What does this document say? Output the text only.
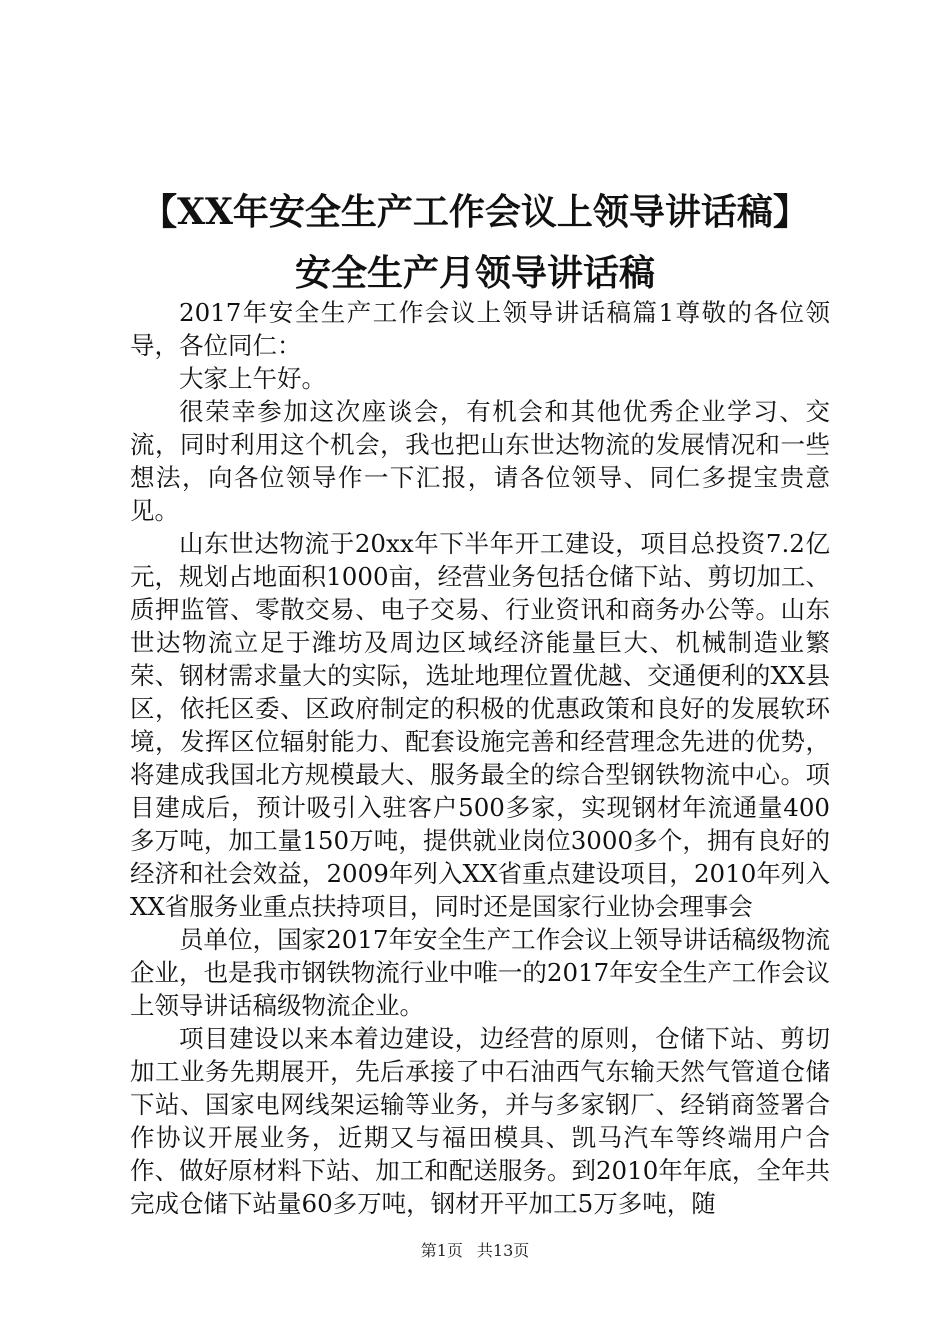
【XX年安全生产工作会议上领导讲话稿】安全生产月领导讲话稿

2017年安全生产工作会议上领导讲话稿篇1尊敬的各位领导，各位同仁：

大家上午好。

很荣幸参加这次座谈会，有机会和其他优秀企业学习、交流，同时利用这个机会，我也把山东世达物流的发展情况和一些想法，向各位领导作一下汇报，请各位领导、同仁多提宝贵意见。

山东世达物流于20xx年下半年开工建设，项目总投资7.2亿元，规划占地面积1000亩，经营业务包括仓储下站、剪切加工、质押监管、零散交易、电子交易、行业资讯和商务办公等。山东世达物流立足于潍坊及周边区域经济能量巨大、机械制造业繁荣、钢材需求量大的实际，选址地理位置优越、交通便利的XX县区，依托区委、区政府制定的积极的优惠政策和良好的发展软环境，发挥区位辐射能力、配套设施完善和经营理念先进的优势，将建成我国北方规模最大、服务最全的综合型钢铁物流中心。项目建成后，预计吸引入驻客户500多家，实现钢材年流通量400多万吨，加工量150万吨，提供就业岗位3000多个，拥有良好的经济和社会效益，2009年列入XX省重点建设项目，2010年列入XX省服务业重点扶持项目，同时还是国家行业协会理事会

员单位，国家2017年安全生产工作会议上领导讲话稿级物流企业，也是我市钢铁物流行业中唯一的2017年安全生产工作会议上领导讲话稿级物流企业。

项目建设以来本着边建设，边经营的原则，仓储下站、剪切加工业务先期展开，先后承接了中石油西气东输天然气管道仓储下站、国家电网线架运输等业务，并与多家钢厂、经销商签署合作协议开展业务，近期又与福田模具、凯马汽车等终端用户合作、做好原材料下站、加工和配送服务。到2010年年底，全年共完成仓储下站量60多万吨，钢材开平加工5万多吨，随

第1页 共13页
